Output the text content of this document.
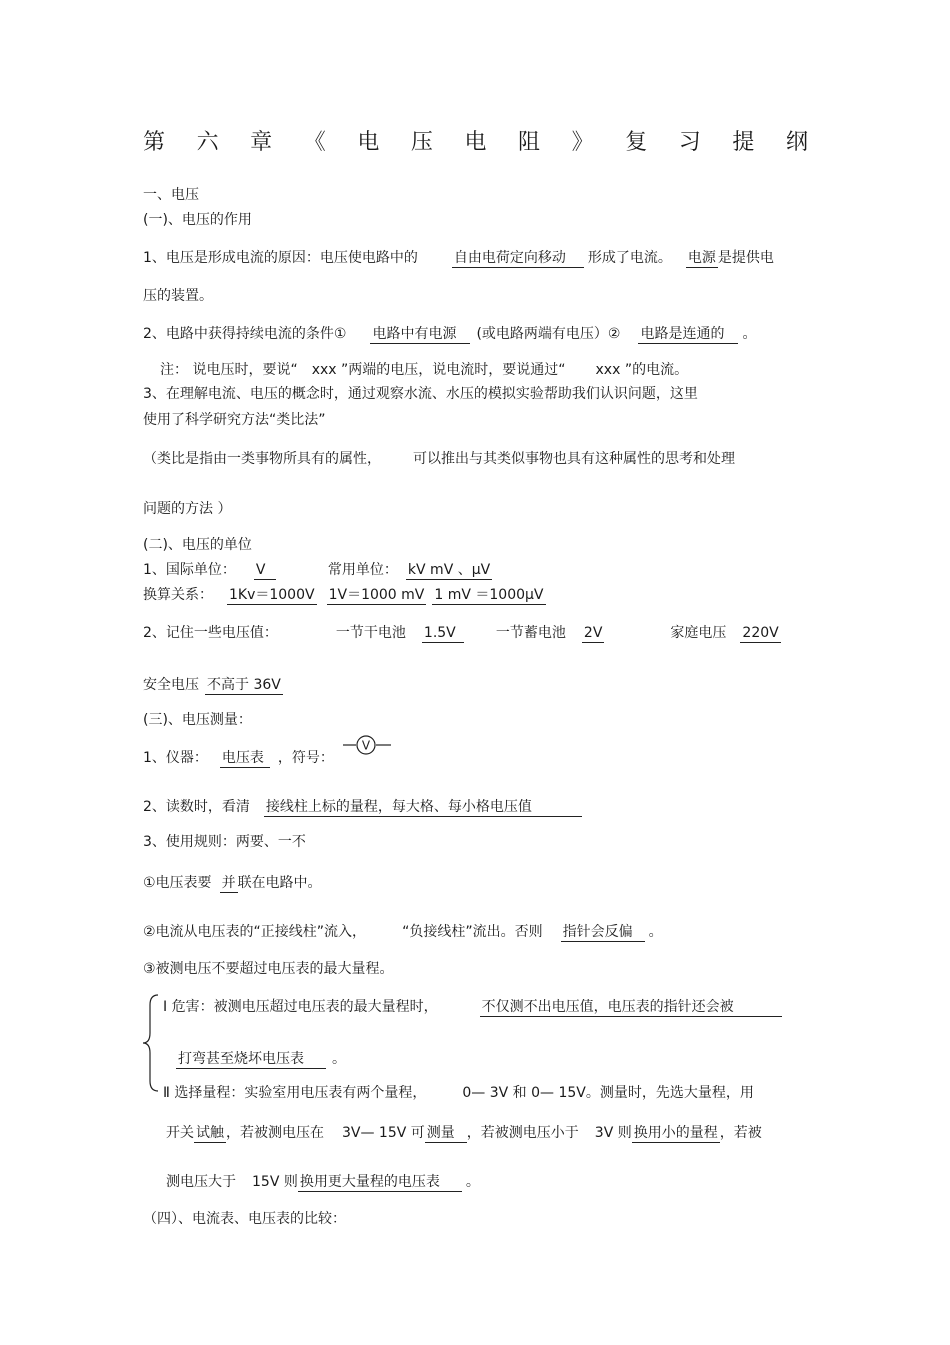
第 六 章 《 电 压 电 阻 》 复 习 提 纲
一、电压
(一)、电压的作用
1、电压是形成电流的原因：电压使电路中的	自由电荷定向移动 形成了电流。 电源 是提供电
压的装置。
2、电路中获得持续电流的条件① 电路中有电源 (或电路两端有电压）② 电路是连通的 。
注： 说电压时，要说“ xxx ”两端的电压，说电流时，要说通过“ xxx ”的电流。
3、在理解电流、电压的概念时，通过观察水流、水压的模拟实验帮助我们认识问题，这里
使用了科学研究方法“类比法”
（类比是指由一类事物所具有的属性， 可以推出与其类似事物也具有这种属性的思考和处理
问题的方法 ）
(二)、电压的单位
1、国际单位： V	常用单位： kV mV 、μV
换算关系： 1Kv＝1000V 1V＝1000 mV 1 mV ＝1000μV
2、记住一些电压值：	一节干电池 1.5V	一节蓄电池 2V	家庭电压 220V
安全电压 不高于 36V
(三)、电压测量：
1、仪器： 电压表 ，符号：
V
2、读数时，看清 接线柱上标的量程，每大格、每小格电压值
3、使用规则：两要、一不
①电压表要 并 联在电路中。
②电流从电压表的“正接线柱”流入，	“负接线柱”流出。否则 指针会反偏 。
③被测电压不要超过电压表的最大量程。
Ⅰ 危害：被测电压超过电压表的最大量程时，	不仅测不出电压值，电压表的指针还会被
打弯甚至烧坏电压表 。
Ⅱ 选择量程：实验室用电压表有两个量程，	0— 3V 和 0— 15V。测量时，先选大量程，用
开关 试触 ，若被测电压在 3V— 15V 可 测量 ，若被测电压小于 3V 则 换用小的量程 ，若被
测电压大于 15V 则 换用更大量程的电压表 。
（四）、电流表、电压表的比较：
